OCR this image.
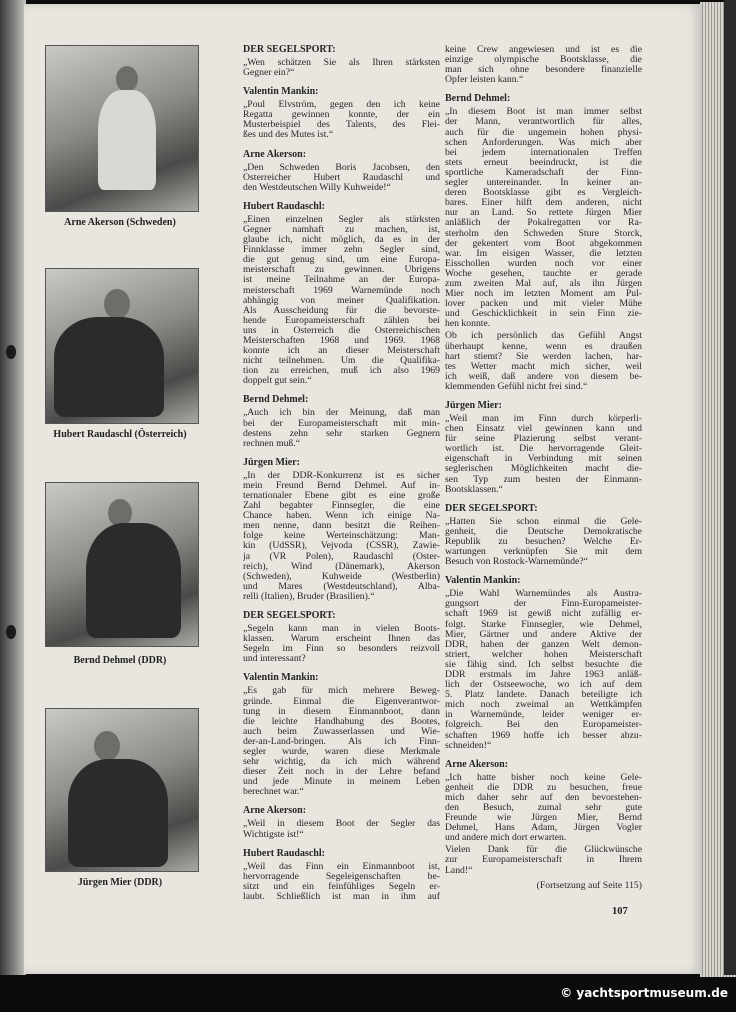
Arne Akerson (Schweden)
Hubert Raudaschl (Österreich)
Bernd Dehmel (DDR)
Jürgen Mier (DDR)
DER SEGELSPORT:
„Wen schätzen Sie als Ihren stärksten
Gegner ein?“
Valentin Mankin:
„Poul Elvström, gegen den ich keine
Regatta gewinnen konnte, der ein
Musterbeispiel des Talents, des Flei-
ßes und des Mutes ist.“
Arne Akerson:
„Den Schweden Boris Jacobsen, den
Österreicher Hubert Raudaschl und
den Westdeutschen Willy Kuhweide!“
Hubert Raudaschl:
„Einen einzelnen Segler als stärksten
Gegner namhaft zu machen, ist,
glaube ich, nicht möglich, da es in der
Finnklasse immer zehn Segler sind,
die gut genug sind, um eine Europa-
meisterschaft zu gewinnen. Übrigens
ist meine Teilnahme an der Europa-
meisterschaft 1969 Warnemünde noch
abhängig von meiner Qualifikation.
Als Ausscheidung für die bevorste-
hende Europameisterschaft zählen bei
uns in Österreich die Österreichischen
Meisterschaften 1968 und 1969. 1968
konnte ich an dieser Meisterschaft
nicht teilnehmen. Um die Qualifika-
tion zu erreichen, muß ich also 1969
doppelt gut sein.“
Bernd Dehmel:
„Auch ich bin der Meinung, daß man
bei der Europameisterschaft mit min-
destens zehn sehr starken Gegnern
rechnen muß.“
Jürgen Mier:
„In der DDR-Konkurrenz ist es sicher
mein Freund Bernd Dehmel. Auf in-
ternationaler Ebene gibt es eine große
Zahl begabter Finnsegler, die eine
Chance haben. Wenn ich einige Na-
men nenne, dann besitzt die Reihen-
folge keine Werteinschätzung: Man-
kin (UdSSR), Vejvoda (ČSSR), Zawie-
ja (VR Polen), Raudaschl (Öster-
reich), Wind (Dänemark), Akerson
(Schweden), Kuhweide (Westberlin)
und Mares (Westdeutschland), Alba-
relli (Italien), Bruder (Brasilien).“
DER SEGELSPORT:
„Segeln kann man in vielen Boots-
klassen. Warum erscheint Ihnen das
Segeln im Finn so besonders reizvoll
und interessant?
Valentin Mankin:
„Es gab für mich mehrere Beweg-
gründe. Einmal die Eigenverantwor-
tung in diesem Einmannboot, dann
die leichte Handhabung des Bootes,
auch beim Zuwasserlassen und Wie-
der-an-Land-bringen. Als ich Finn-
segler wurde, waren diese Merkmale
sehr wichtig, da ich mich während
dieser Zeit noch in der Lehre befand
und jede Minute in meinem Leben
berechnet war.“
Arne Akerson:
„Weil in diesem Boot der Segler das
Wichtigste ist!“
Hubert Raudaschl:
„Weil das Finn ein Einmannboot ist,
hervorragende Segeleigenschaften be-
sitzt und ein feinfühliges Segeln er-
laubt. Schließlich ist man in ihm auf
keine Crew angewiesen und ist es die
einzige olympische Bootsklasse, die
man sich ohne besondere finanzielle
Opfer leisten kann.“
Bernd Dehmel:
„In diesem Boot ist man immer selbst
der Mann, verantwortlich für alles,
auch für die ungemein hohen physi-
schen Anforderungen. Was mich aber
bei jedem internationalen Treffen
stets erneut beeindruckt, ist die
sportliche Kameradschaft der Finn-
segler untereinander. In keiner an-
deren Bootsklasse gibt es Vergleich-
bares. Einer hilft dem anderen, nicht
nur an Land. So rettete Jürgen Mier
anläßlich der Pokalregatten vor Ra-
sterholm den Schweden Sture Storck,
der gekentert vom Boot abgekommen
war. Im eisigen Wasser, die letzten
Eisschollen wurden noch vor einer
Woche gesehen, tauchte er gerade
zum zweiten Mal auf, als ihn Jürgen
Mier noch im letzten Moment am Pul-
lover packen und mit vieler Mühe
und Geschicklichkeit in sein Finn zie-
hen konnte.
Ob ich persönlich das Gefühl Angst
überhaupt kenne, wenn es draußen
hart stiemt? Sie werden lachen, har-
tes Wetter macht mich sicher, weil
ich weiß, daß andere von diesem be-
klemmenden Gefühl nicht frei sind.“
Jürgen Mier:
„Weil man im Finn durch körperli-
chen Einsatz viel gewinnen kann und
für seine Plazierung selbst verant-
wortlich ist. Die hervorragende Gleit-
eigenschaft in Verbindung mit seinen
seglerischen Möglichkeiten macht die-
sen Typ zum besten der Einmann-
Bootsklassen.“
DER SEGELSPORT:
„Hatten Sie schon einmal die Gele-
genheit, die Deutsche Demokratische
Republik zu besuchen? Welche Er-
wartungen verknüpfen Sie mit dem
Besuch von Rostock-Warnemünde?“
Valentin Mankin:
„Die Wahl Warnemündes als Austra-
gungsort der Finn-Europameister-
schaft 1969 ist gewiß nicht zufällig er-
folgt. Starke Finnsegler, wie Dehmel,
Mier, Gärtner und andere Aktive der
DDR, haben der ganzen Welt demon-
striert, welcher hohen Meisterschaft
sie fähig sind. Ich selbst besuchte die
DDR erstmals im Jahre 1963 anläß-
lich der Ostseewoche, wo ich auf dem
5. Platz landete. Danach beteiligte ich
mich noch zweimal an Wettkämpfen
in Warnemünde, leider weniger er-
folgreich. Bei den Europameister-
schaften 1969 hoffe ich besser abzu-
schneiden!“
Arne Akerson:
„Ich hatte bisher noch keine Gele-
genheit die DDR zu besuchen, freue
mich daher sehr auf den bevorstehen-
den Besuch, zumal sehr gute
Freunde wie Jürgen Mier, Bernd
Dehmel, Hans Adam, Jürgen Vogler
und andere mich dort erwarten.
Vielen Dank für die Glückwünsche
zur Europameisterschaft in Ihrem
Land!“
(Fortsetzung auf Seite 115)
107
© yachtsportmuseum.de
